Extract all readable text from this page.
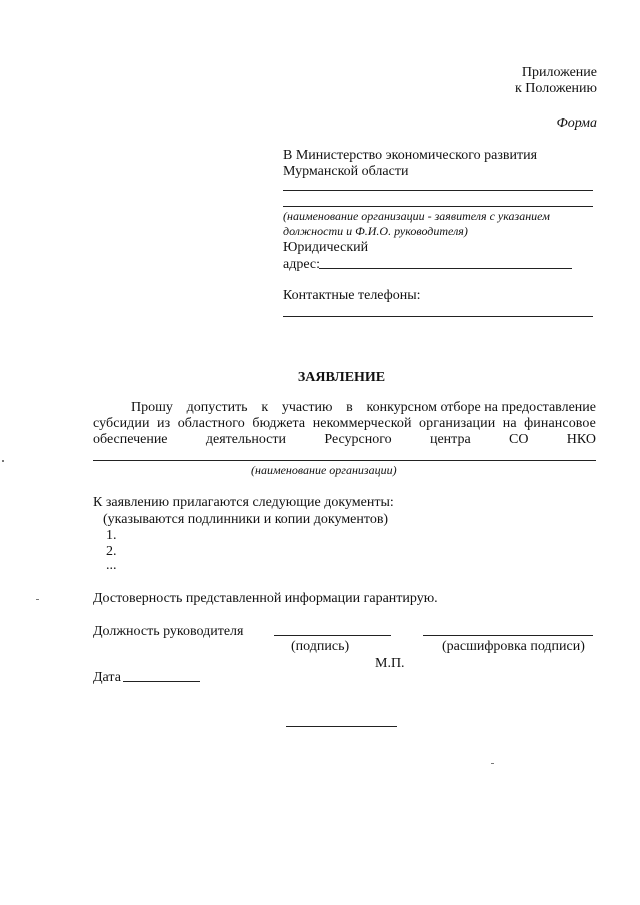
Приложение
к Положению
Форма
В Министерство экономического развития
Мурманской области
(наименование организации - заявителя с указанием
должности и Ф.И.О. руководителя)
Юридический
адрес:
Контактные телефоны:
ЗАЯВЛЕНИЕ
Прошу допустить к участию в конкурсном отборе на предоставление
субсидии из областного бюджета некоммерческой организации на финансовое
обеспечение	деятельности	Ресурсного	центра	СО	НКО
(наименование организации)
К заявлению прилагаются следующие документы:
(указываются подлинники и копии документов)
1.
2.
...
Достоверность представленной информации гарантирую.
Должность руководителя
(подпись)	(расшифровка подписи)
М.П.
Дата
